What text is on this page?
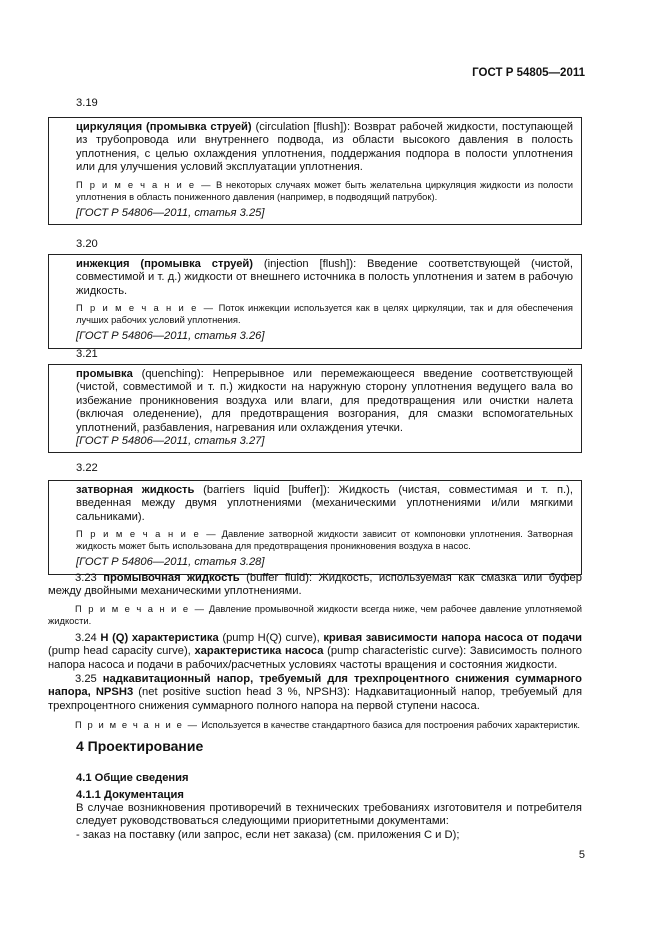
ГОСТ Р 54805—2011
3.19

циркуляция (промывка струей) (circulation [flush]): Возврат рабочей жидкости, поступающей из трубопровода или внутреннего подвода, из области высокого давления в полость уплотнения, с целью охлаждения уплотнения, поддержания подпора в полости уплотнения или для улучшения условий эксплуатации уплотнения.

П р и м е ч а н и е — В некоторых случаях может быть желательна циркуляция жидкости из полости уплотнения в область пониженного давления (например, в подводящий патрубок).

[ГОСТ Р 54806—2011, статья 3.25]

3.20

инжекция (промывка струей) (injection [flush]): Введение соответствующей (чистой, совместимой и т. д.) жидкости от внешнего источника в полость уплотнения и затем в рабочую жидкость.

П р и м е ч а н и е — Поток инжекции используется как в целях циркуляции, так и для обеспечения лучших рабочих условий уплотнения.

[ГОСТ Р 54806—2011, статья 3.26]

3.21

промывка (quenching): Непрерывное или перемежающееся введение соответствующей (чистой, совместимой и т. п.) жидкости на наружную сторону уплотнения ведущего вала во избежание проникновения воздуха или влаги, для предотвращения или очистки налета (включая оледенение), для предотвращения возгорания, для смазки вспомогательных уплотнений, разбавления, нагревания или охлаждения утечки.

[ГОСТ Р 54806—2011, статья 3.27]

3.22

затворная жидкость (barriers liquid [buffer]): Жидкость (чистая, совместимая и т. п.), введенная между двумя уплотнениями (механическими уплотнениями и/или мягкими сальниками).

П р и м е ч а н и е — Давление затворной жидкости зависит от компоновки уплотнения. Затворная жидкость может быть использована для предотвращения проникновения воздуха в насос.

[ГОСТ Р 54806—2011, статья 3.28]

3.23 промывочная жидкость (buffer fluid): Жидкость, используемая как смазка или буфер между двойными механическими уплотнениями.

П р и м е ч а н и е — Давление промывочной жидкости всегда ниже, чем рабочее давление уплотняемой жидкости.

3.24 H (Q) характеристика (pump H(Q) curve), кривая зависимости напора насоса от подачи (pump head capacity curve), характеристика насоса (pump characteristic curve): Зависимость полного напора насоса и подачи в рабочих/расчетных условиях частоты вращения и состояния жидкости.

3.25 надкавитационный напор, требуемый для трехпроцентного снижения суммарного напора, NPSH3 (net positive suction head 3 %, NPSH3): Надкавитационный напор, требуемый для трехпроцентного снижения суммарного полного напора на первой ступени насоса.

П р и м е ч а н и е — Используется в качестве стандартного базиса для построения рабочих характеристик.

4 Проектирование
4.1 Общие сведения
4.1.1 Документация

В случае возникновения противоречий в технических требованиях изготовителя и потребителя следует руководствоваться следующими приоритетными документами:

- заказ на поставку (или запрос, если нет заказа) (см. приложения С и D);

5
